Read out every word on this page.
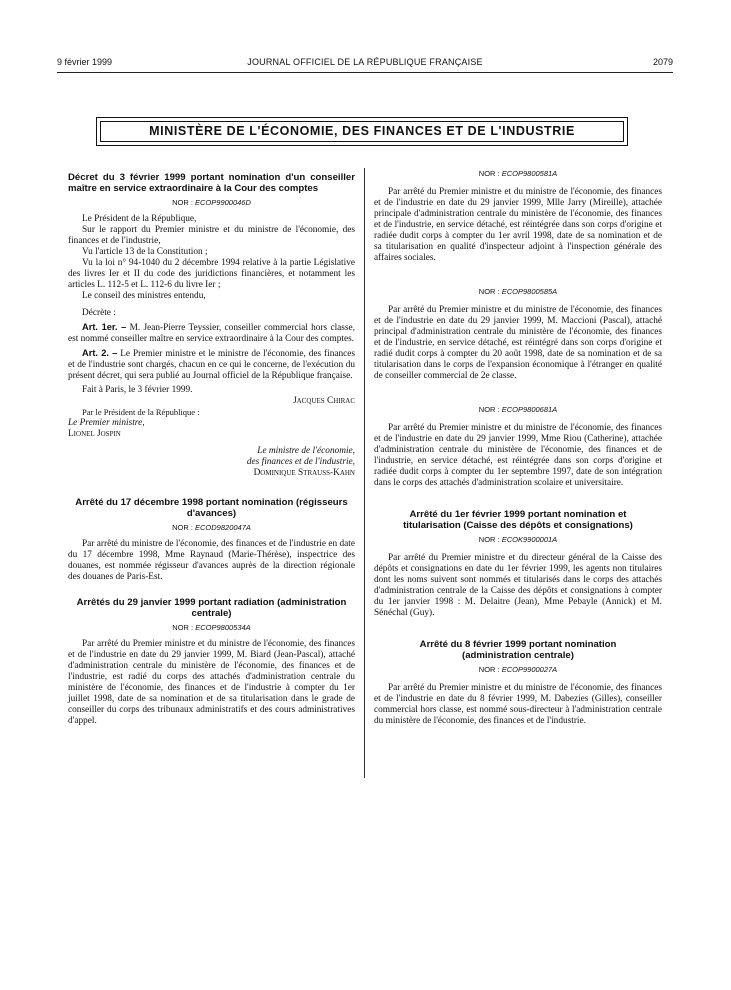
9 février 1999	JOURNAL OFFICIEL DE LA RÉPUBLIQUE FRANÇAISE	2079
MINISTÈRE DE L'ÉCONOMIE, DES FINANCES ET DE L'INDUSTRIE

Décret du 3 février 1999 portant nomination d'un conseiller maître en service extraordinaire à la Cour des comptes

NOR : ECOP9900046D

Le Président de la République,

Sur le rapport du Premier ministre et du ministre de l'économie, des finances et de l'industrie,

Vu l'article 13 de la Constitution ;

Vu la loi n° 94-1040 du 2 décembre 1994 relative à la partie Législative des livres Ier et II du code des juridictions financières, et notamment les articles L. 112-5 et L. 112-6 du livre Ier ;

Le conseil des ministres entendu,

Décrète :

Art. 1er. – M. Jean-Pierre Teyssier, conseiller commercial hors classe, est nommé conseiller maître en service extraordinaire à la Cour des comptes.

Art. 2. – Le Premier ministre et le ministre de l'économie, des finances et de l'industrie sont chargés, chacun en ce qui le concerne, de l'exécution du présent décret, qui sera publié au Journal officiel de la République française.

Fait à Paris, le 3 février 1999.

Jacques Chirac

Par le Président de la République :

Le Premier ministre,

Lionel Jospin

Le ministre de l'économie,

des finances et de l'industrie,

Dominique Strauss-Kahn

Arrêté du 17 décembre 1998 portant nomination (régisseurs d'avances)

NOR : ECOD9820047A

Par arrêté du ministre de l'économie, des finances et de l'industrie en date du 17 décembre 1998, Mme Raynaud (Marie-Thérèse), inspectrice des douanes, est nommée régisseur d'avances auprès de la direction régionale des douanes de Paris-Est.

Arrêtés du 29 janvier 1999 portant radiation (administration centrale)

NOR : ECOP9800534A

Par arrêté du Premier ministre et du ministre de l'économie, des finances et de l'industrie en date du 29 janvier 1999, M. Biard (Jean-Pascal), attaché d'administration centrale du ministère de l'économie, des finances et de l'industrie, est radié du corps des attachés d'administration centrale du ministère de l'économie, des finances et de l'industrie à compter du 1er juillet 1998, date de sa nomination et de sa titularisation dans le grade de conseiller du corps des tribunaux administratifs et des cours administratives d'appel.

NOR : ECOP9800581A

Par arrêté du Premier ministre et du ministre de l'économie, des finances et de l'industrie en date du 29 janvier 1999, Mlle Jarry (Mireille), attachée principale d'administration centrale du ministère de l'économie, des finances et de l'industrie, en service détaché, est réintégrée dans son corps d'origine et radiée dudit corps à compter du 1er avril 1998, date de sa nomination et de sa titularisation en qualité d'inspecteur adjoint à l'inspection générale des affaires sociales.

NOR : ECOP9800585A

Par arrêté du Premier ministre et du ministre de l'économie, des finances et de l'industrie en date du 29 janvier 1999, M. Maccioni (Pascal), attaché principal d'administration centrale du ministère de l'économie, des finances et de l'industrie, en service détaché, est réintégré dans son corps d'origine et radié dudit corps à compter du 20 août 1998, date de sa nomination et de sa titularisation dans le corps de l'expansion économique à l'étranger en qualité de conseiller commercial de 2e classe.

NOR : ECOP9800681A

Par arrêté du Premier ministre et du ministre de l'économie, des finances et de l'industrie en date du 29 janvier 1999, Mme Riou (Catherine), attachée d'administration centrale du ministère de l'économie, des finances et de l'industrie, en service détaché, est réintégrée dans son corps d'origine et radiée dudit corps à compter du 1er septembre 1997, date de son intégration dans le corps des attachés d'administration scolaire et universitaire.

Arrêté du 1er février 1999 portant nomination et titularisation (Caisse des dépôts et consignations)

NOR : ECOK9900001A

Par arrêté du Premier ministre et du directeur général de la Caisse des dépôts et consignations en date du 1er février 1999, les agents non titulaires dont les noms suivent sont nommés et titularisés dans le corps des attachés d'administration centrale de la Caisse des dépôts et consignations à compter du 1er janvier 1998 : M. Delaitre (Jean), Mme Pebayle (Annick) et M. Sénéchal (Guy).

Arrêté du 8 février 1999 portant nomination (administration centrale)

NOR : ECOP9900027A

Par arrêté du Premier ministre et du ministre de l'économie, des finances et de l'industrie en date du 8 février 1999, M. Dabezies (Gilles), conseiller commercial hors classe, est nommé sous-directeur à l'administration centrale du ministère de l'économie, des finances et de l'industrie.
